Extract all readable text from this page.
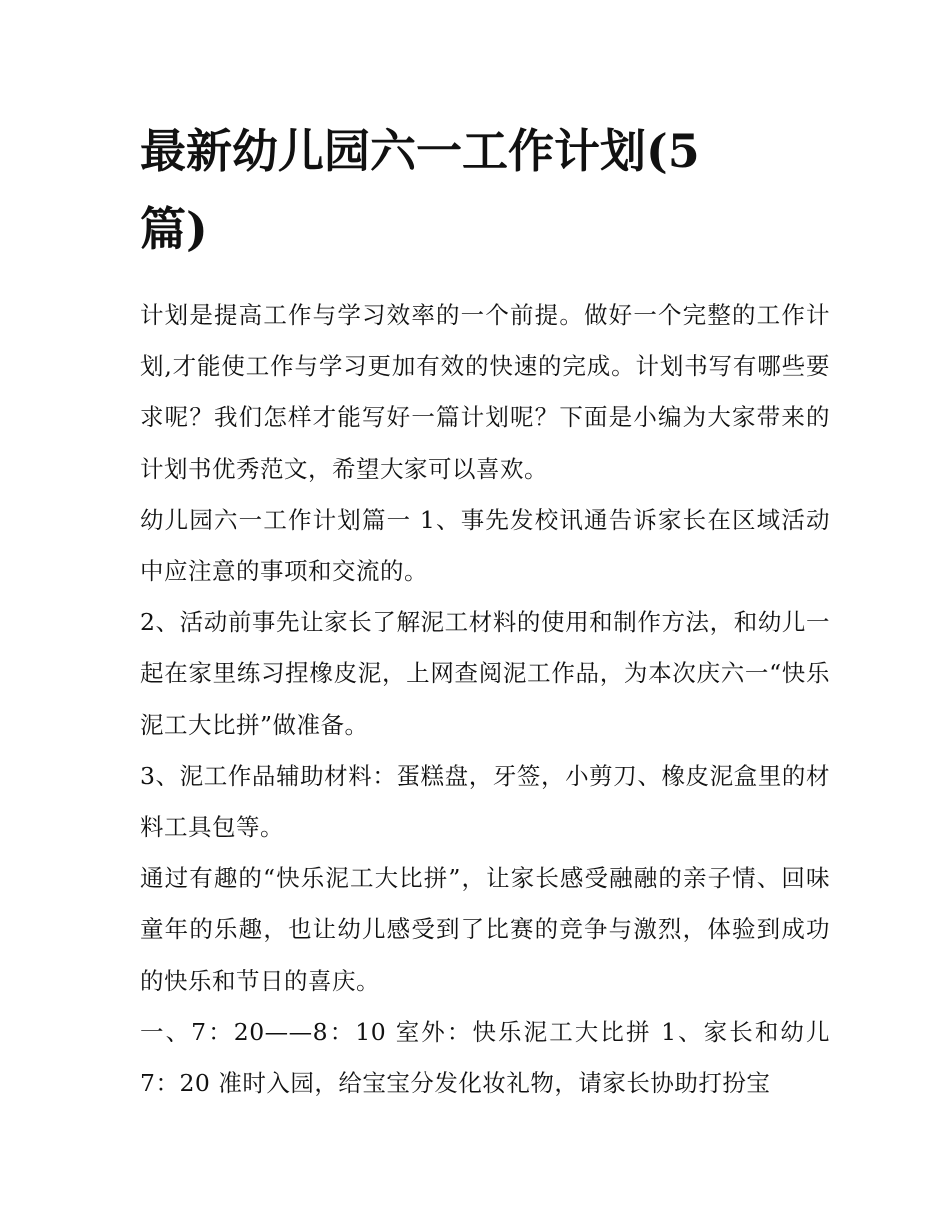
最新幼儿园六一工作计划(5篇)

计划是提高工作与学习效率的一个前提。做好一个完整的工作计划,才能使工作与学习更加有效的快速的完成。计划书写有哪些要求呢？我们怎样才能写好一篇计划呢？下面是小编为大家带来的计划书优秀范文，希望大家可以喜欢。

幼儿园六一工作计划篇一 1、事先发校讯通告诉家长在区域活动中应注意的事项和交流的。

2、活动前事先让家长了解泥工材料的使用和制作方法，和幼儿一起在家里练习捏橡皮泥，上网查阅泥工作品，为本次庆六一“快乐泥工大比拼”做准备。

3、泥工作品辅助材料：蛋糕盘，牙签，小剪刀、橡皮泥盒里的材料工具包等。

通过有趣的“快乐泥工大比拼”，让家长感受融融的亲子情、回味童年的乐趣，也让幼儿感受到了比赛的竞争与激烈，体验到成功的快乐和节日的喜庆。

一、7：20——8：10 室外：快乐泥工大比拼 1、家长和幼儿 7：20 准时入园，给宝宝分发化妆礼物，请家长协助打扮宝
